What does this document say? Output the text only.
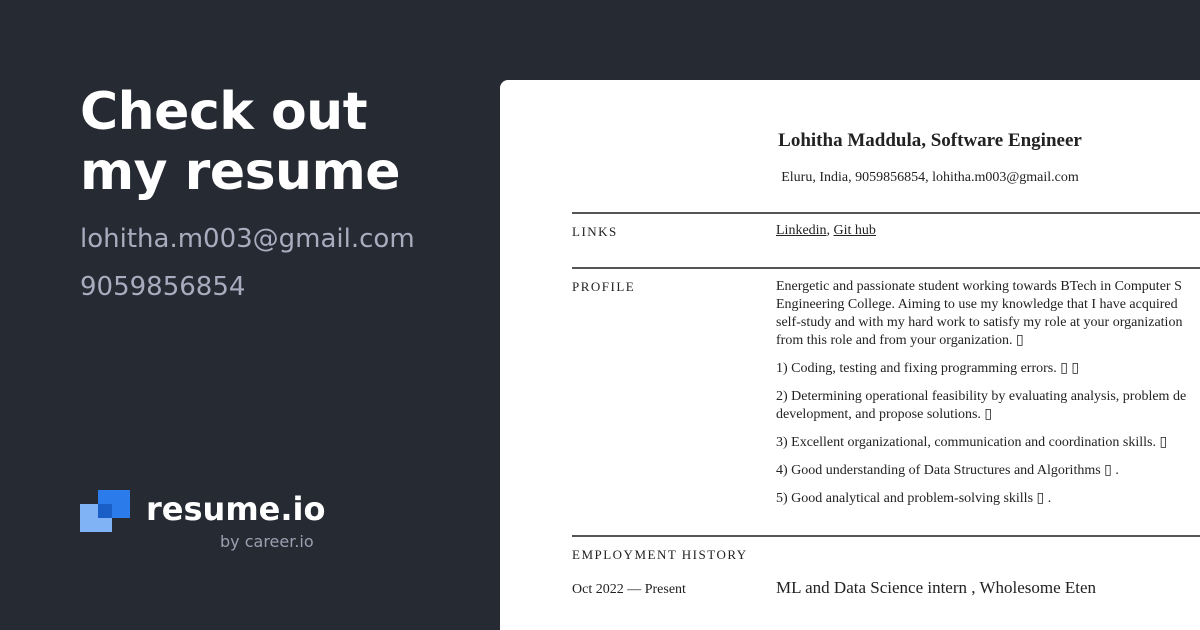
Check out
my resume
lohitha.m003@gmail.com
9059856854
resume.io
by career.io
Lohitha Maddula, Software Engineer
Eluru, India, 9059856854, lohitha.m003@gmail.com
LINKS	Linkedin, Git hub
PROFILE	Energetic and passionate student working towards BTech in Computer S

Engineering College. Aiming to use my knowledge that I have acquired

self-study and with my hard work to satisfy my role at your organization

from this role and from your organization. ▯

1) Coding, testing and fixing programming errors. ▯ ▯

2) Determining operational feasibility by evaluating analysis, problem de

development, and propose solutions. ▯

3) Excellent organizational, communication and coordination skills. ▯

4) Good understanding of Data Structures and Algorithms ▯ .

5) Good analytical and problem-solving skills ▯ .

EMPLOYMENT HISTORY
Oct 2022 — Present	ML and Data Science intern , Wholesome Eten
